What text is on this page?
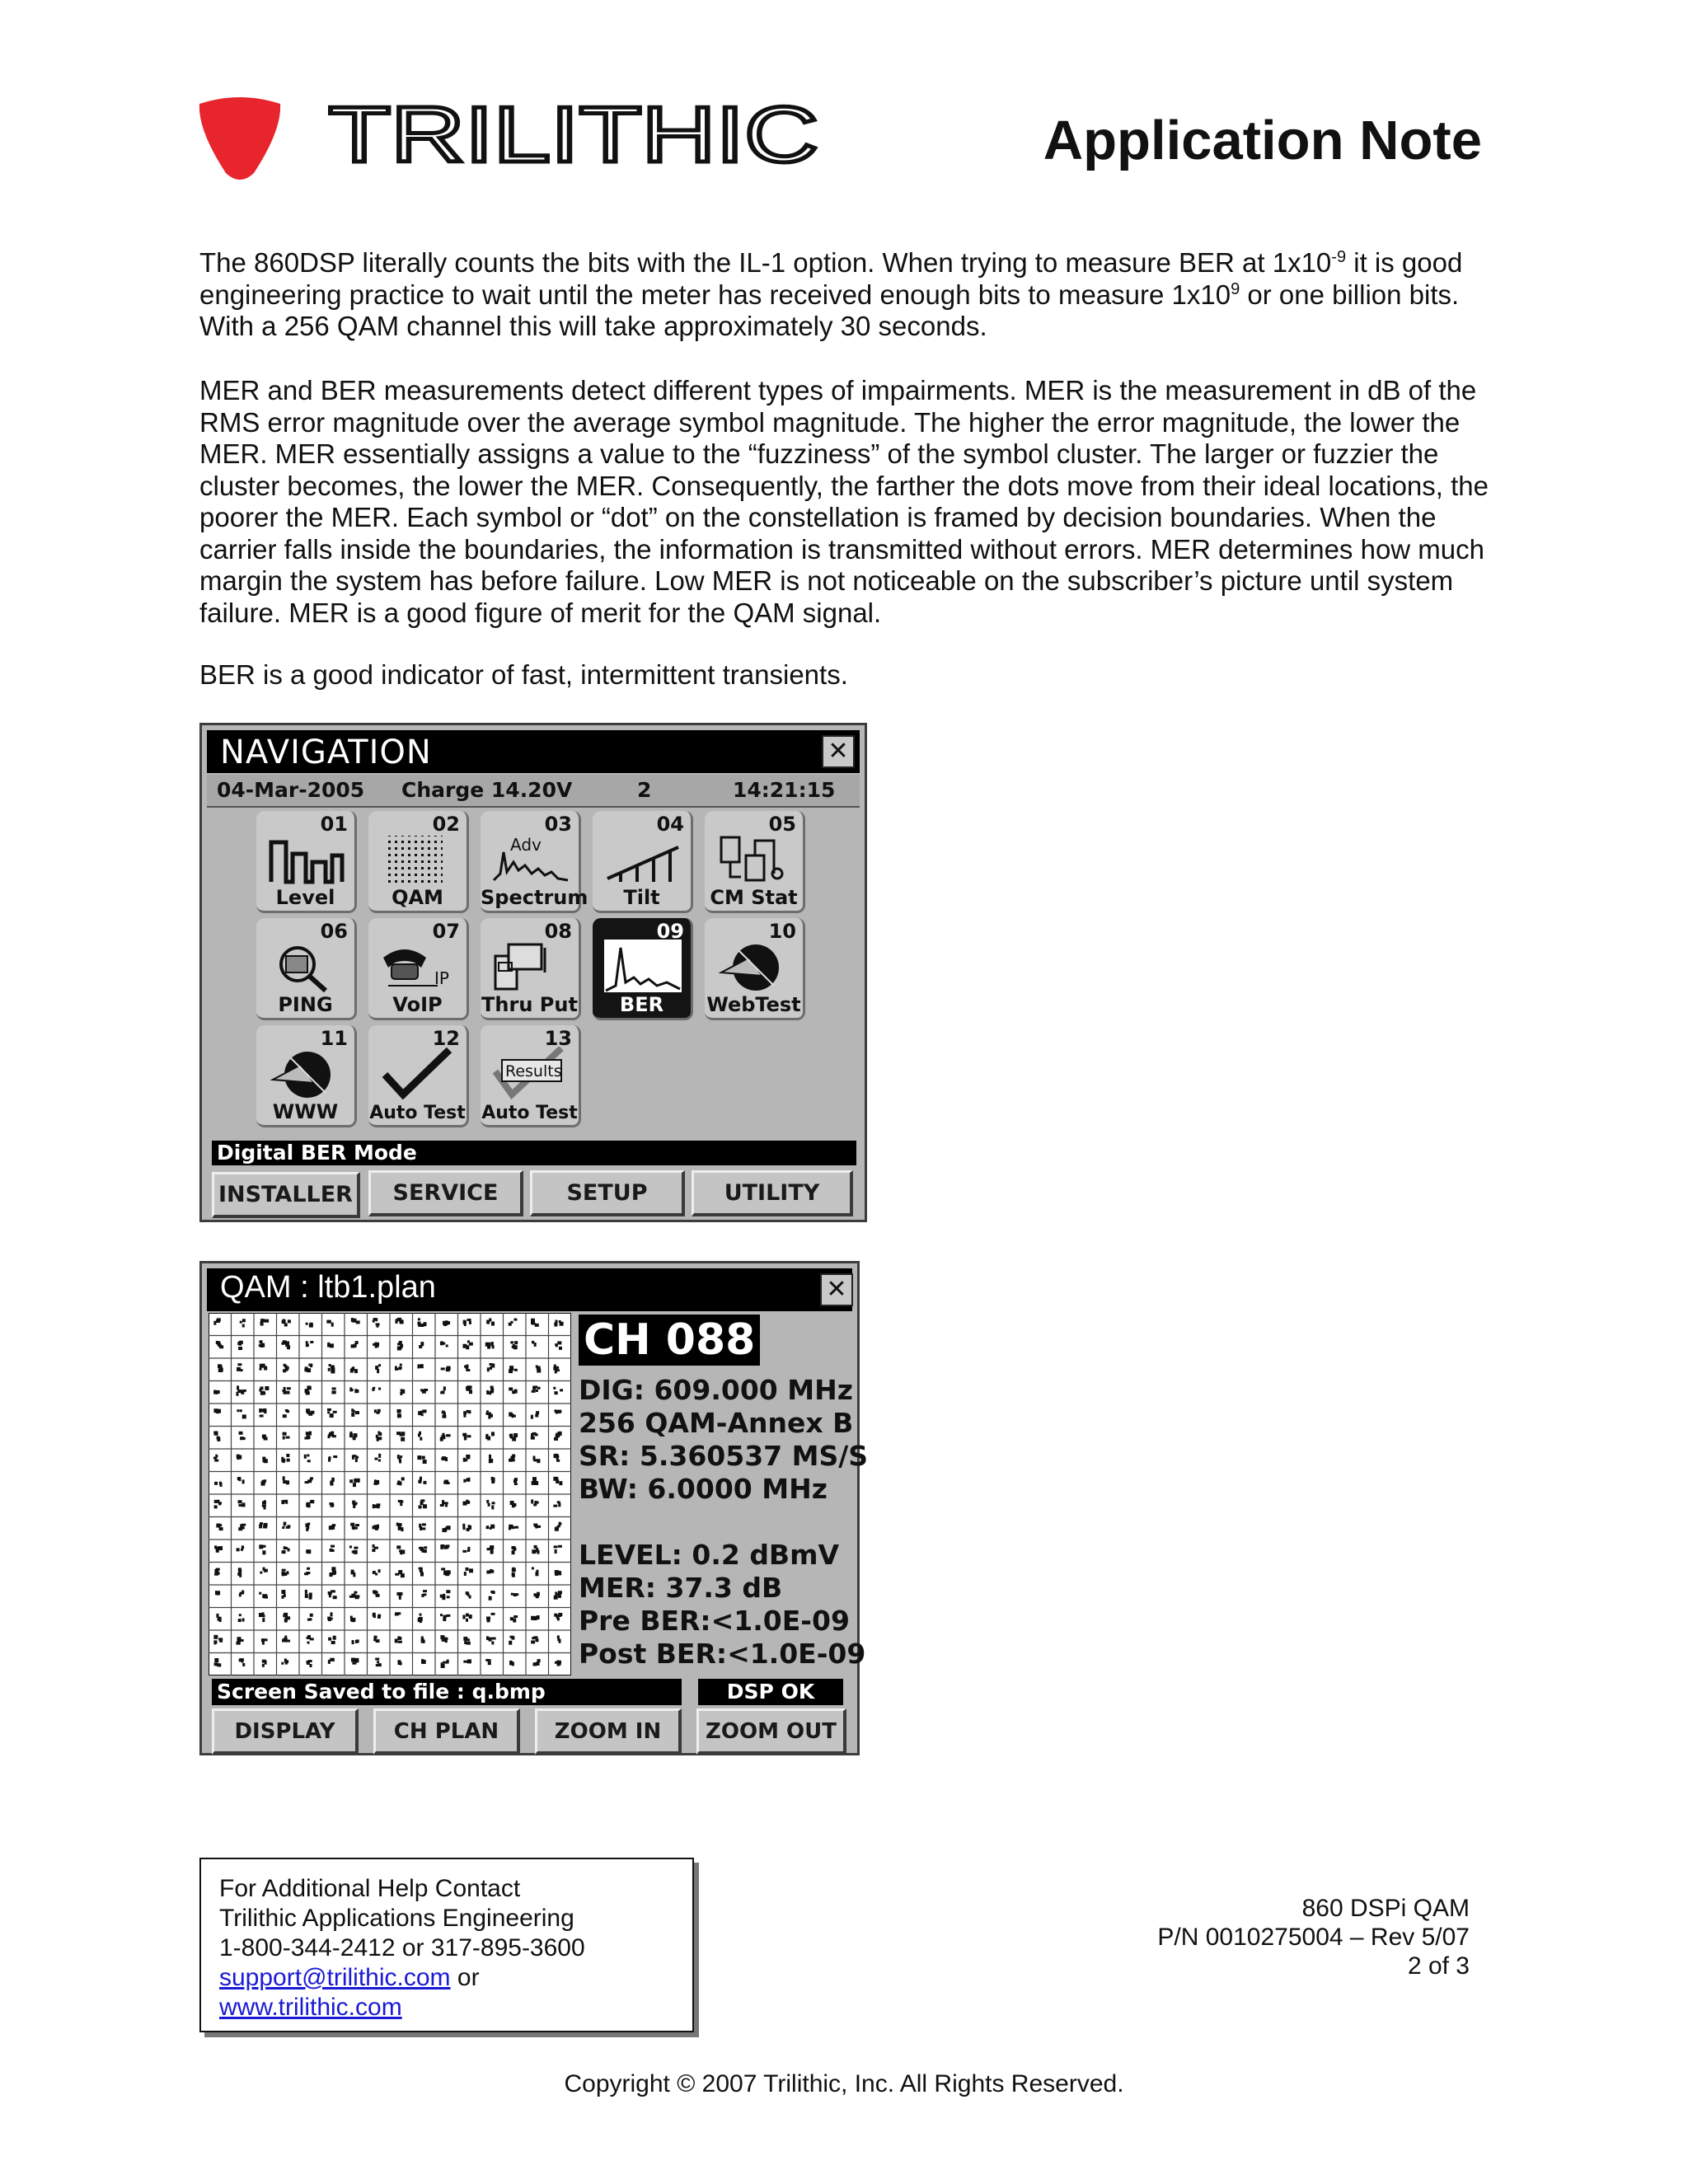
TRILITHIC	Application Note

The 860DSP literally counts the bits with the IL-1 option. When trying to measure BER at $1x10^{-9}$ it is good engineering practice to wait until the meter has received enough bits to measure $1x10^9$ or one billion bits. With a 256 QAM channel this will take approximately 30 seconds.

MER and BER measurements detect different types of impairments. MER is the measurement in dB of the RMS error magnitude over the average symbol magnitude. The higher the error magnitude, the lower the MER. MER essentially assigns a value to the “fuzziness” of the symbol cluster. The larger or fuzzier the cluster becomes, the lower the MER. Consequently, the farther the dots move from their ideal locations, the poorer the MER. Each symbol or “dot” on the constellation is framed by decision boundaries. When the carrier falls inside the boundaries, the information is transmitted without errors. MER determines how much margin the system has before failure. Low MER is not noticeable on the subscriber’s picture until system failure. MER is a good figure of merit for the QAM signal.

BER is a good indicator of fast, intermittent transients.

NAVIGATION	✕
04-Mar-2005 Charge 14.20V	2	14:21:15
01
Level
02
QAM
Adv
03
Spectrum
04
Tilt
05
CM Stat
06
PING
IP
07
VoIP
08
Thru Put
09
BER
10
WebTest
11
WWW
12
Auto Test
Results
13
Auto Test
Digital BER Mode
INSTALLER	SERVICE	SETUP	UTILITY
QAM : ltb1.plan	✕
CH 088
DIG: 609.000 MHz
256 QAM-Annex B
SR: 5.360537 MS/S
BW: 6.0000 MHz
LEVEL: 0.2 dBmV
MER: 37.3 dB
Pre BER:<1.0E-09
Post BER:<1.0E-09
Screen Saved to file : q.bmp	DSP OK
DISPLAY	CH PLAN	ZOOM IN	ZOOM OUT
For Additional Help Contact
Trilithic Applications Engineering
1-800-344-2412 or 317-895-3600
support@trilithic.com or
www.trilithic.com
860 DSPi QAM
P/N 0010275004 – Rev 5/07
2 of 3
Copyright © 2007 Trilithic, Inc. All Rights Reserved.
